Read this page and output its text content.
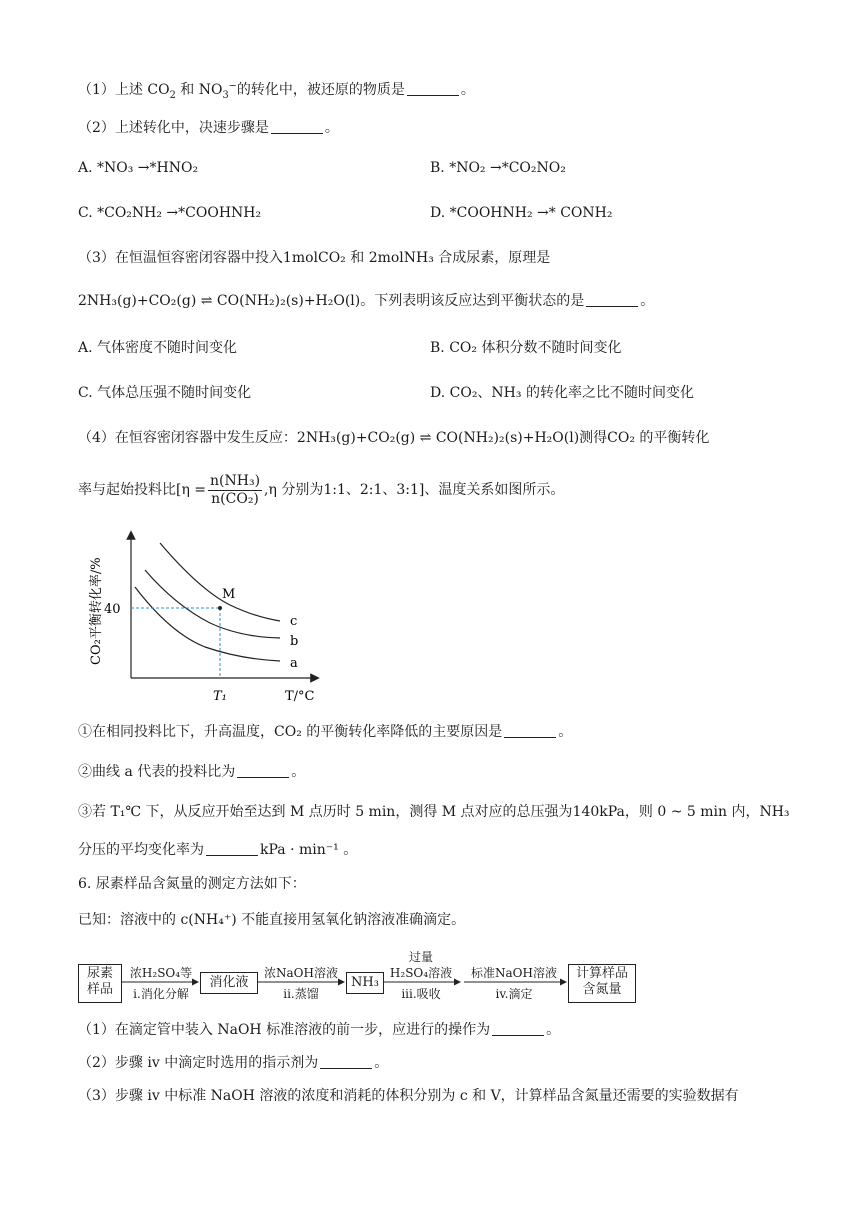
（1）上述 $CO_2$ 和 $NO_3^-$的转化中，被还原的物质是	。
（2）上述转化中，决速步骤是	。
A. *NO₃ →*HNO₂	B. *NO₂ →*CO₂NO₂
C. *CO₂NH₂ →*COOHNH₂	D. *COOHNH₂ →* CONH₂
（3）在恒温恒容密闭容器中投入1molCO₂ 和 2molNH₃ 合成尿素，原理是
2NH₃(g)+CO₂(g) ⇌ CO(NH₂)₂(s)+H₂O(l)。下列表明该反应达到平衡状态的是	。
A. 气体密度不随时间变化	B. CO₂ 体积分数不随时间变化
C. 气体总压强不随时间变化	D. CO₂、NH₃ 的转化率之比不随时间变化
（4）在恒容密闭容器中发生反应：2NH₃(g)+CO₂(g) ⇌ CO(NH₂)₂(s)+H₂O(l)测得CO₂ 的平衡转化
率与起始投料比[$\eta = \frac{\text{n(NH₃)}}{\text{n(CO₂)}} ,\eta$ 分别为1:1、2:1、3:1]、温度关系如图所示。
M
c
b
a
40
T₁	T/°C
CO₂平衡转化率/%
①在相同投料比下，升高温度，CO₂ 的平衡转化率降低的主要原因是	。
②曲线 a 代表的投料比为	。
③若 T₁℃ 下，从反应开始至达到 M 点历时 5 min，测得 M 点对应的总压强为140kPa，则 0 ~ 5 min 内，NH₃
分压的平均变化率为	kPa · min⁻¹ 。
6. 尿素样品含氮量的测定方法如下：
已知：溶液中的 c(NH₄⁺) 不能直接用氢氧化钠溶液准确滴定。
尿素
样品	消化液	NH₃
计算样品
含氮量
浓H₂SO₄等
i.消化分解
浓NaOH溶液
ii.蒸馏
过量
H₂SO₄溶液
iii.吸收
标准NaOH溶液
iv.滴定
（1）在滴定管中装入 NaOH 标准溶液的前一步，应进行的操作为	。
（2）步骤 iv 中滴定时选用的指示剂为	。
（3）步骤 iv 中标准 NaOH 溶液的浓度和消耗的体积分别为 c 和 V，计算样品含氮量还需要的实验数据有
